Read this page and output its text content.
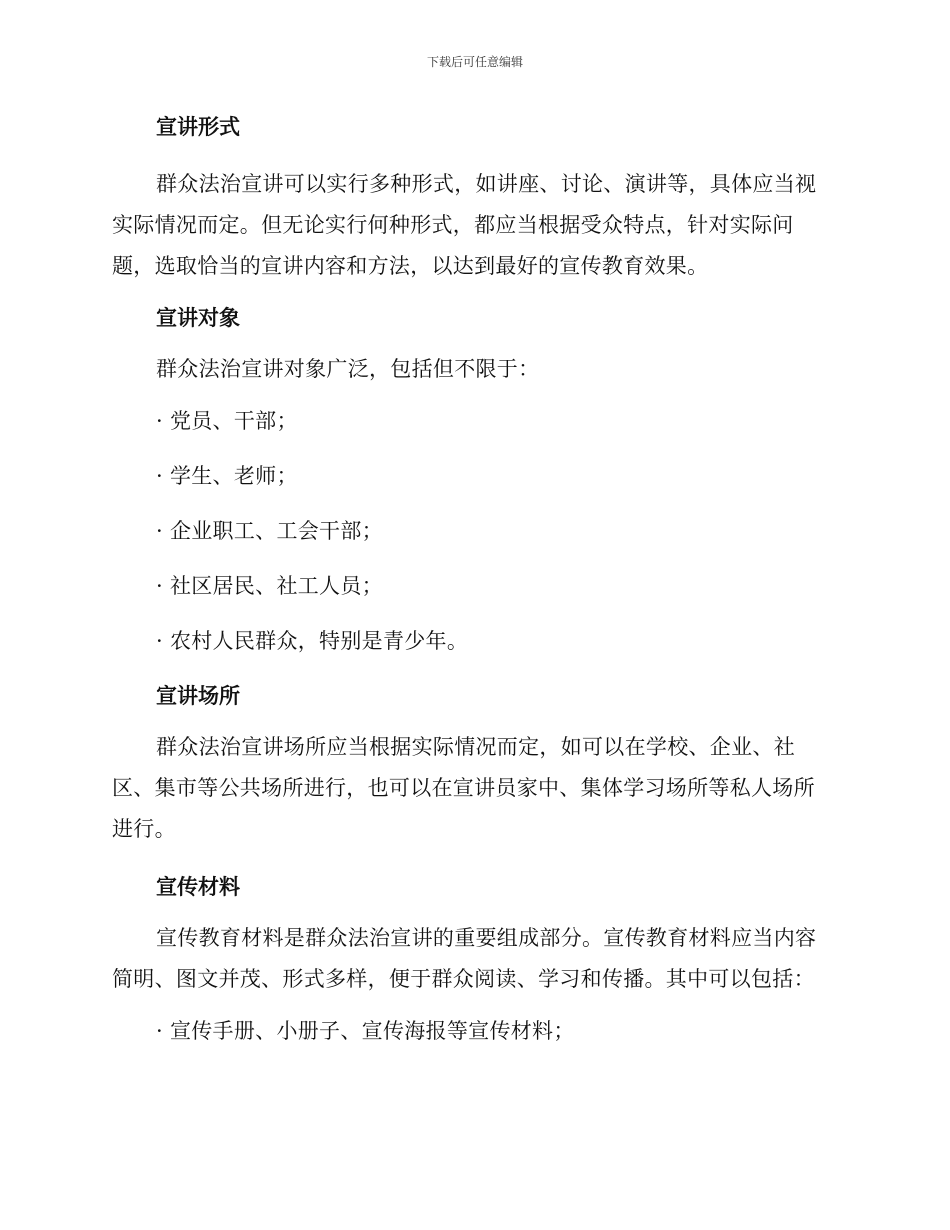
下载后可任意编辑
宣讲形式

群众法治宣讲可以实行多种形式，如讲座、讨论、演讲等，具体应当视实际情况而定。但无论实行何种形式，都应当根据受众特点，针对实际问题，选取恰当的宣讲内容和方法，以达到最好的宣传教育效果。

宣讲对象

群众法治宣讲对象广泛，包括但不限于：

· 党员、干部；
· 学生、老师；
· 企业职工、工会干部；
· 社区居民、社工人员；
· 农村人民群众，特别是青少年。
宣讲场所

群众法治宣讲场所应当根据实际情况而定，如可以在学校、企业、社区、集市等公共场所进行，也可以在宣讲员家中、集体学习场所等私人场所进行。

宣传材料

宣传教育材料是群众法治宣讲的重要组成部分。宣传教育材料应当内容简明、图文并茂、形式多样，便于群众阅读、学习和传播。其中可以包括：

· 宣传手册、小册子、宣传海报等宣传材料；
